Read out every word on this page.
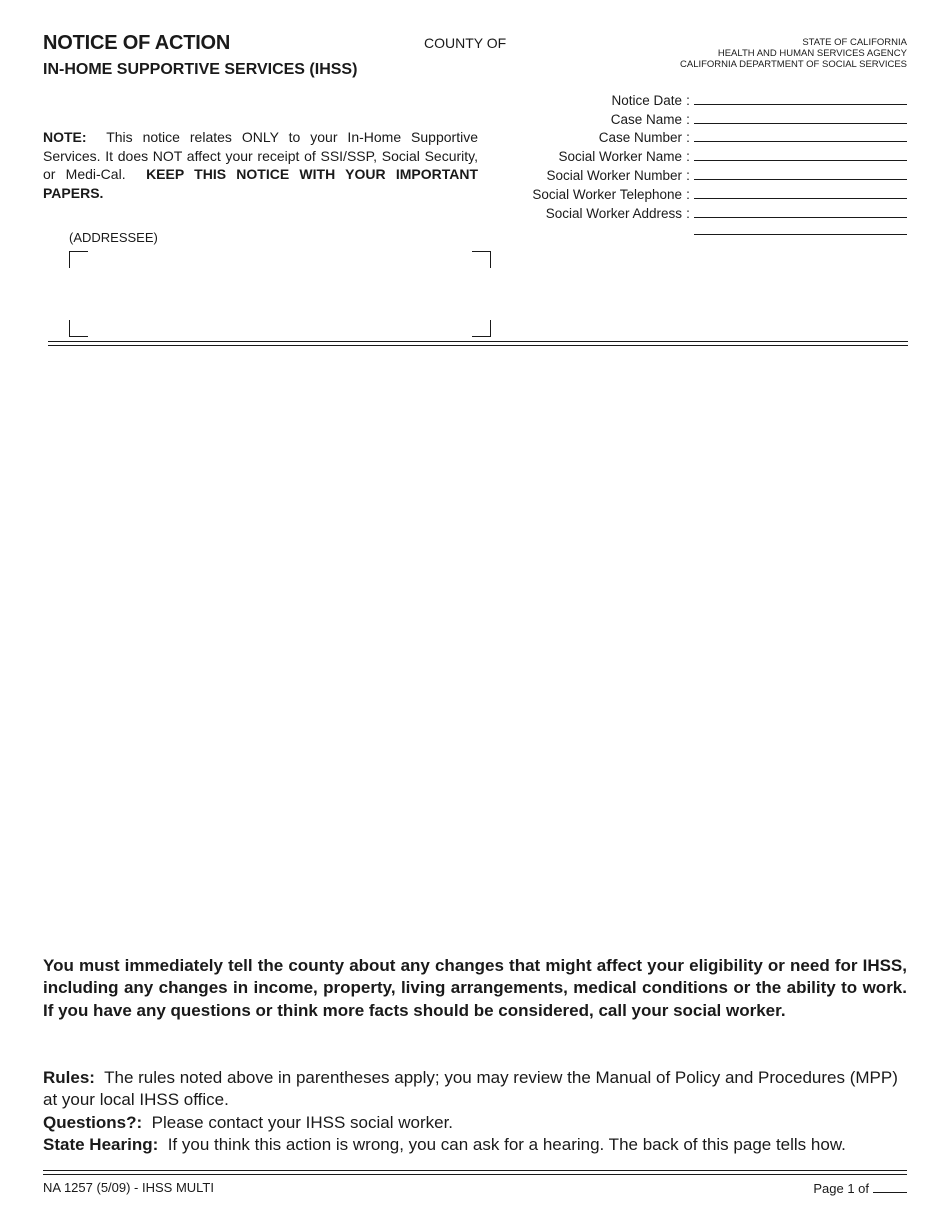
NOTICE OF ACTION
IN-HOME SUPPORTIVE SERVICES (IHSS)
COUNTY OF	STATE OF CALIFORNIA
HEALTH AND HUMAN SERVICES AGENCY
CALIFORNIA DEPARTMENT OF SOCIAL SERVICES
NOTE: This notice relates ONLY to your In-Home Supportive Services. It does NOT affect your receipt of SSI/SSP, Social Security, or Medi-Cal. KEEP THIS NOTICE WITH YOUR IMPORTANT PAPERS.
(ADDRESSEE)
Notice Date :
Case Name :
Case Number :
Social Worker Name :
Social Worker Number :
Social Worker Telephone :
Social Worker Address :
You must immediately tell the county about any changes that might affect your eligibility or need for IHSS, including any changes in income, property, living arrangements, medical conditions or the ability to work. If you have any questions or think more facts should be considered, call your social worker.
Rules: The rules noted above in parentheses apply; you may review the Manual of Policy and Procedures (MPP) at your local IHSS office.
Questions?: Please contact your IHSS social worker.
State Hearing: If you think this action is wrong, you can ask for a hearing. The back of this page tells how.
NA 1257 (5/09) - IHSS MULTI	Page 1 of
